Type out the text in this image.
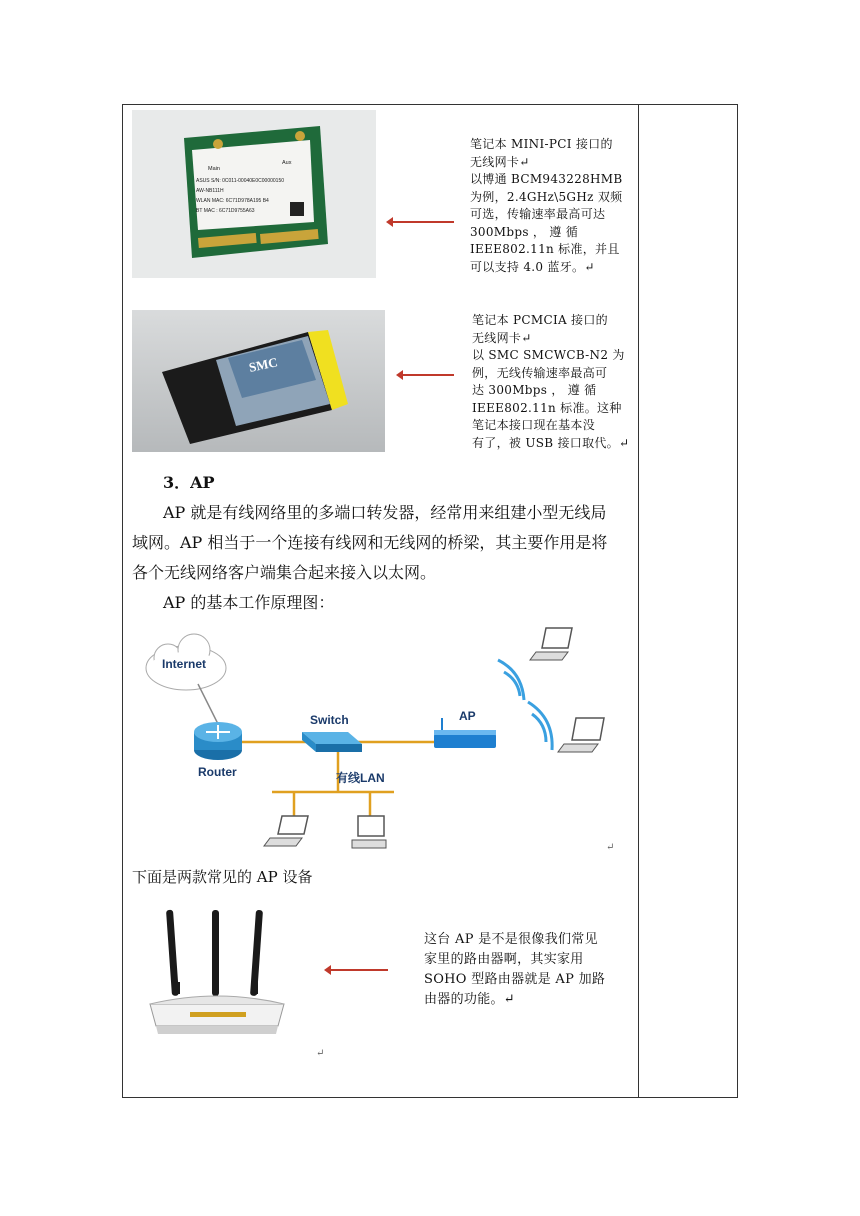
Main
Aux
ASUS S/N: 0C011-00040E0C00000150
AW-NB111H
WLAN MAC: 6C71D978A195 B4
BT MAC : 6C71D9755A63
笔记本 MINI-PCI 接口的
无线网卡↵
以博通 BCM943228HMB
为例，2.4GHz\5GHz 双频
可选，传输速率最高可达
300Mbps ， 遵 循
IEEE802.11n 标准，并且
可以支持 4.0 蓝牙。↵
SMC
笔记本 PCMCIA 接口的
无线网卡↵
以 SMC SMCWCB-N2 为
例，无线传输速率最高可
达 300Mbps ， 遵 循
IEEE802.11n 标准。这种
笔记本接口现在基本没
有了，被 USB 接口取代。↵
3．AP
AP 就是有线网络里的多端口转发器，经常用来组建小型无线局
域网。AP 相当于一个连接有线网和无线网的桥梁，其主要作用是将
各个无线网络客户端集合起来接入以太网。
AP 的基本工作原理图：
Internet
Router
Switch
有线LAN
AP
↵
下面是两款常见的 AP 设备
↵
这台 AP 是不是很像我们常见
家里的路由器啊，其实家用
SOHO 型路由器就是 AP 加路
由器的功能。↵
